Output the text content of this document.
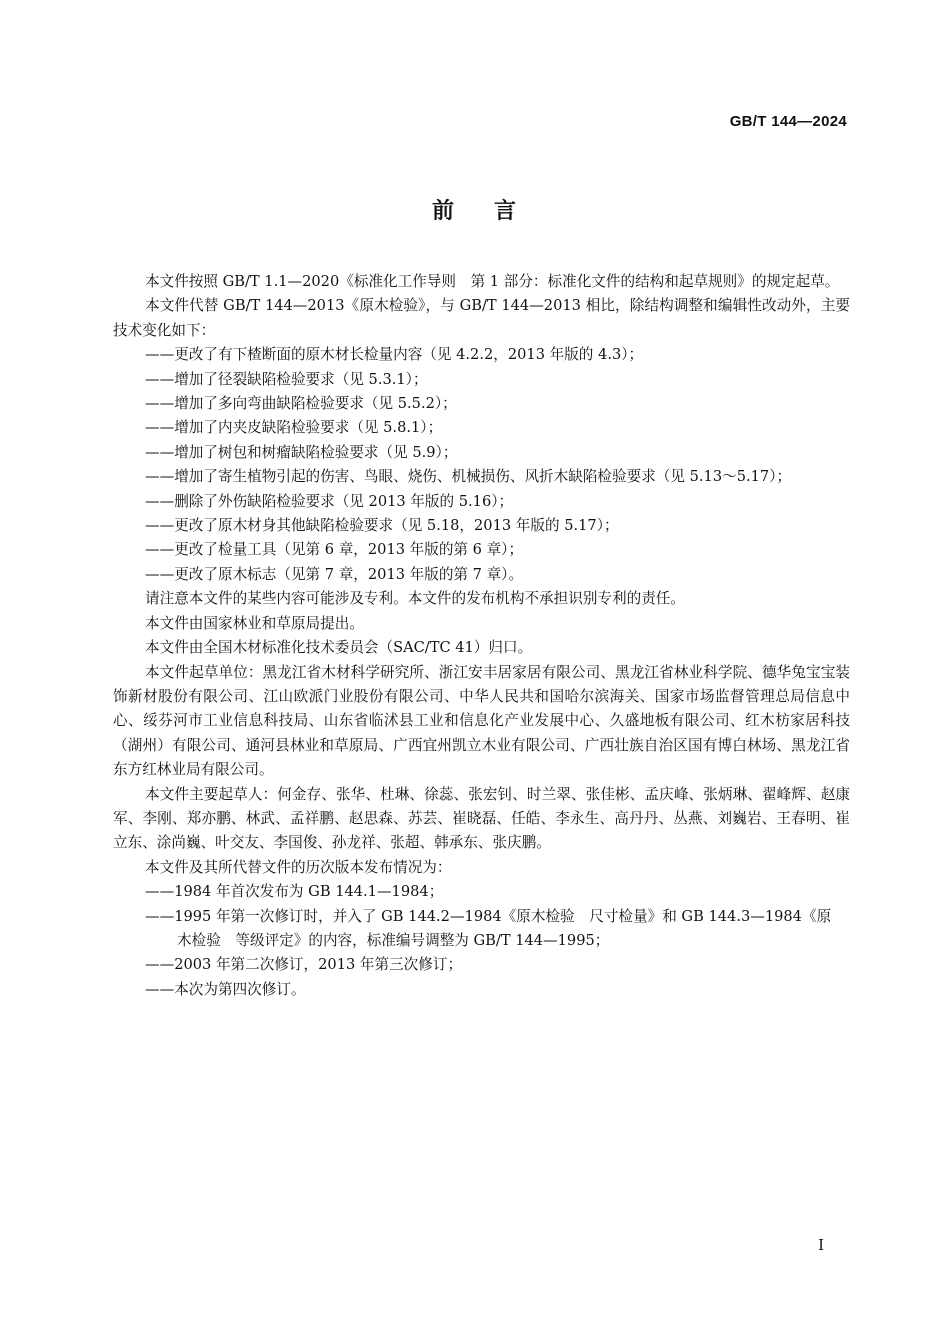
GB/T 144—2024
前 言

本文件按照 GB/T 1.1—2020《标准化工作导则　第 1 部分：标准化文件的结构和起草规则》的规定起草。

本文件代替 GB/T 144—2013《原木检验》，与 GB/T 144—2013 相比，除结构调整和编辑性改动外，主要技术变化如下：

——更改了有下楂断面的原木材长检量内容（见 4.2.2，2013 年版的 4.3）；

——增加了径裂缺陷检验要求（见 5.3.1）；

——增加了多向弯曲缺陷检验要求（见 5.5.2）；

——增加了内夹皮缺陷检验要求（见 5.8.1）；

——增加了树包和树瘤缺陷检验要求（见 5.9）；

——增加了寄生植物引起的伤害、鸟眼、烧伤、机械损伤、风折木缺陷检验要求（见 5.13～5.17）；

——删除了外伤缺陷检验要求（见 2013 年版的 5.16）；

——更改了原木材身其他缺陷检验要求（见 5.18，2013 年版的 5.17）；

——更改了检量工具（见第 6 章，2013 年版的第 6 章）；

——更改了原木标志（见第 7 章，2013 年版的第 7 章）。

请注意本文件的某些内容可能涉及专利。本文件的发布机构不承担识别专利的责任。

本文件由国家林业和草原局提出。

本文件由全国木材标准化技术委员会（SAC/TC 41）归口。

本文件起草单位：黑龙江省木材科学研究所、浙江安丰居家居有限公司、黑龙江省林业科学院、德华兔宝宝装饰新材股份有限公司、江山欧派门业股份有限公司、中华人民共和国哈尔滨海关、国家市场监督管理总局信息中心、绥芬河市工业信息科技局、山东省临沭县工业和信息化产业发展中心、久盛地板有限公司、红木枋家居科技（湖州）有限公司、通河县林业和草原局、广西宜州凯立木业有限公司、广西壮族自治区国有博白林场、黑龙江省东方红林业局有限公司。

本文件主要起草人：何金存、张华、杜琳、徐蕊、张宏钊、时兰翠、张佳彬、孟庆峰、张炳琳、翟峰辉、赵康军、李刚、郑亦鹏、林武、孟祥鹏、赵思森、苏芸、崔晓磊、任皓、李永生、高丹丹、丛燕、刘巍岩、王春明、崔立东、涂尚巍、叶交友、李国俊、孙龙祥、张超、韩承东、张庆鹏。

本文件及其所代替文件的历次版本发布情况为：

——1984 年首次发布为 GB 144.1—1984；

——1995 年第一次修订时，并入了 GB 144.2—1984《原木检验　尺寸检量》和 GB 144.3—1984《原
木检验　等级评定》的内容，标准编号调整为 GB/T 144—1995；

——2003 年第二次修订，2013 年第三次修订；

——本次为第四次修订。

I
